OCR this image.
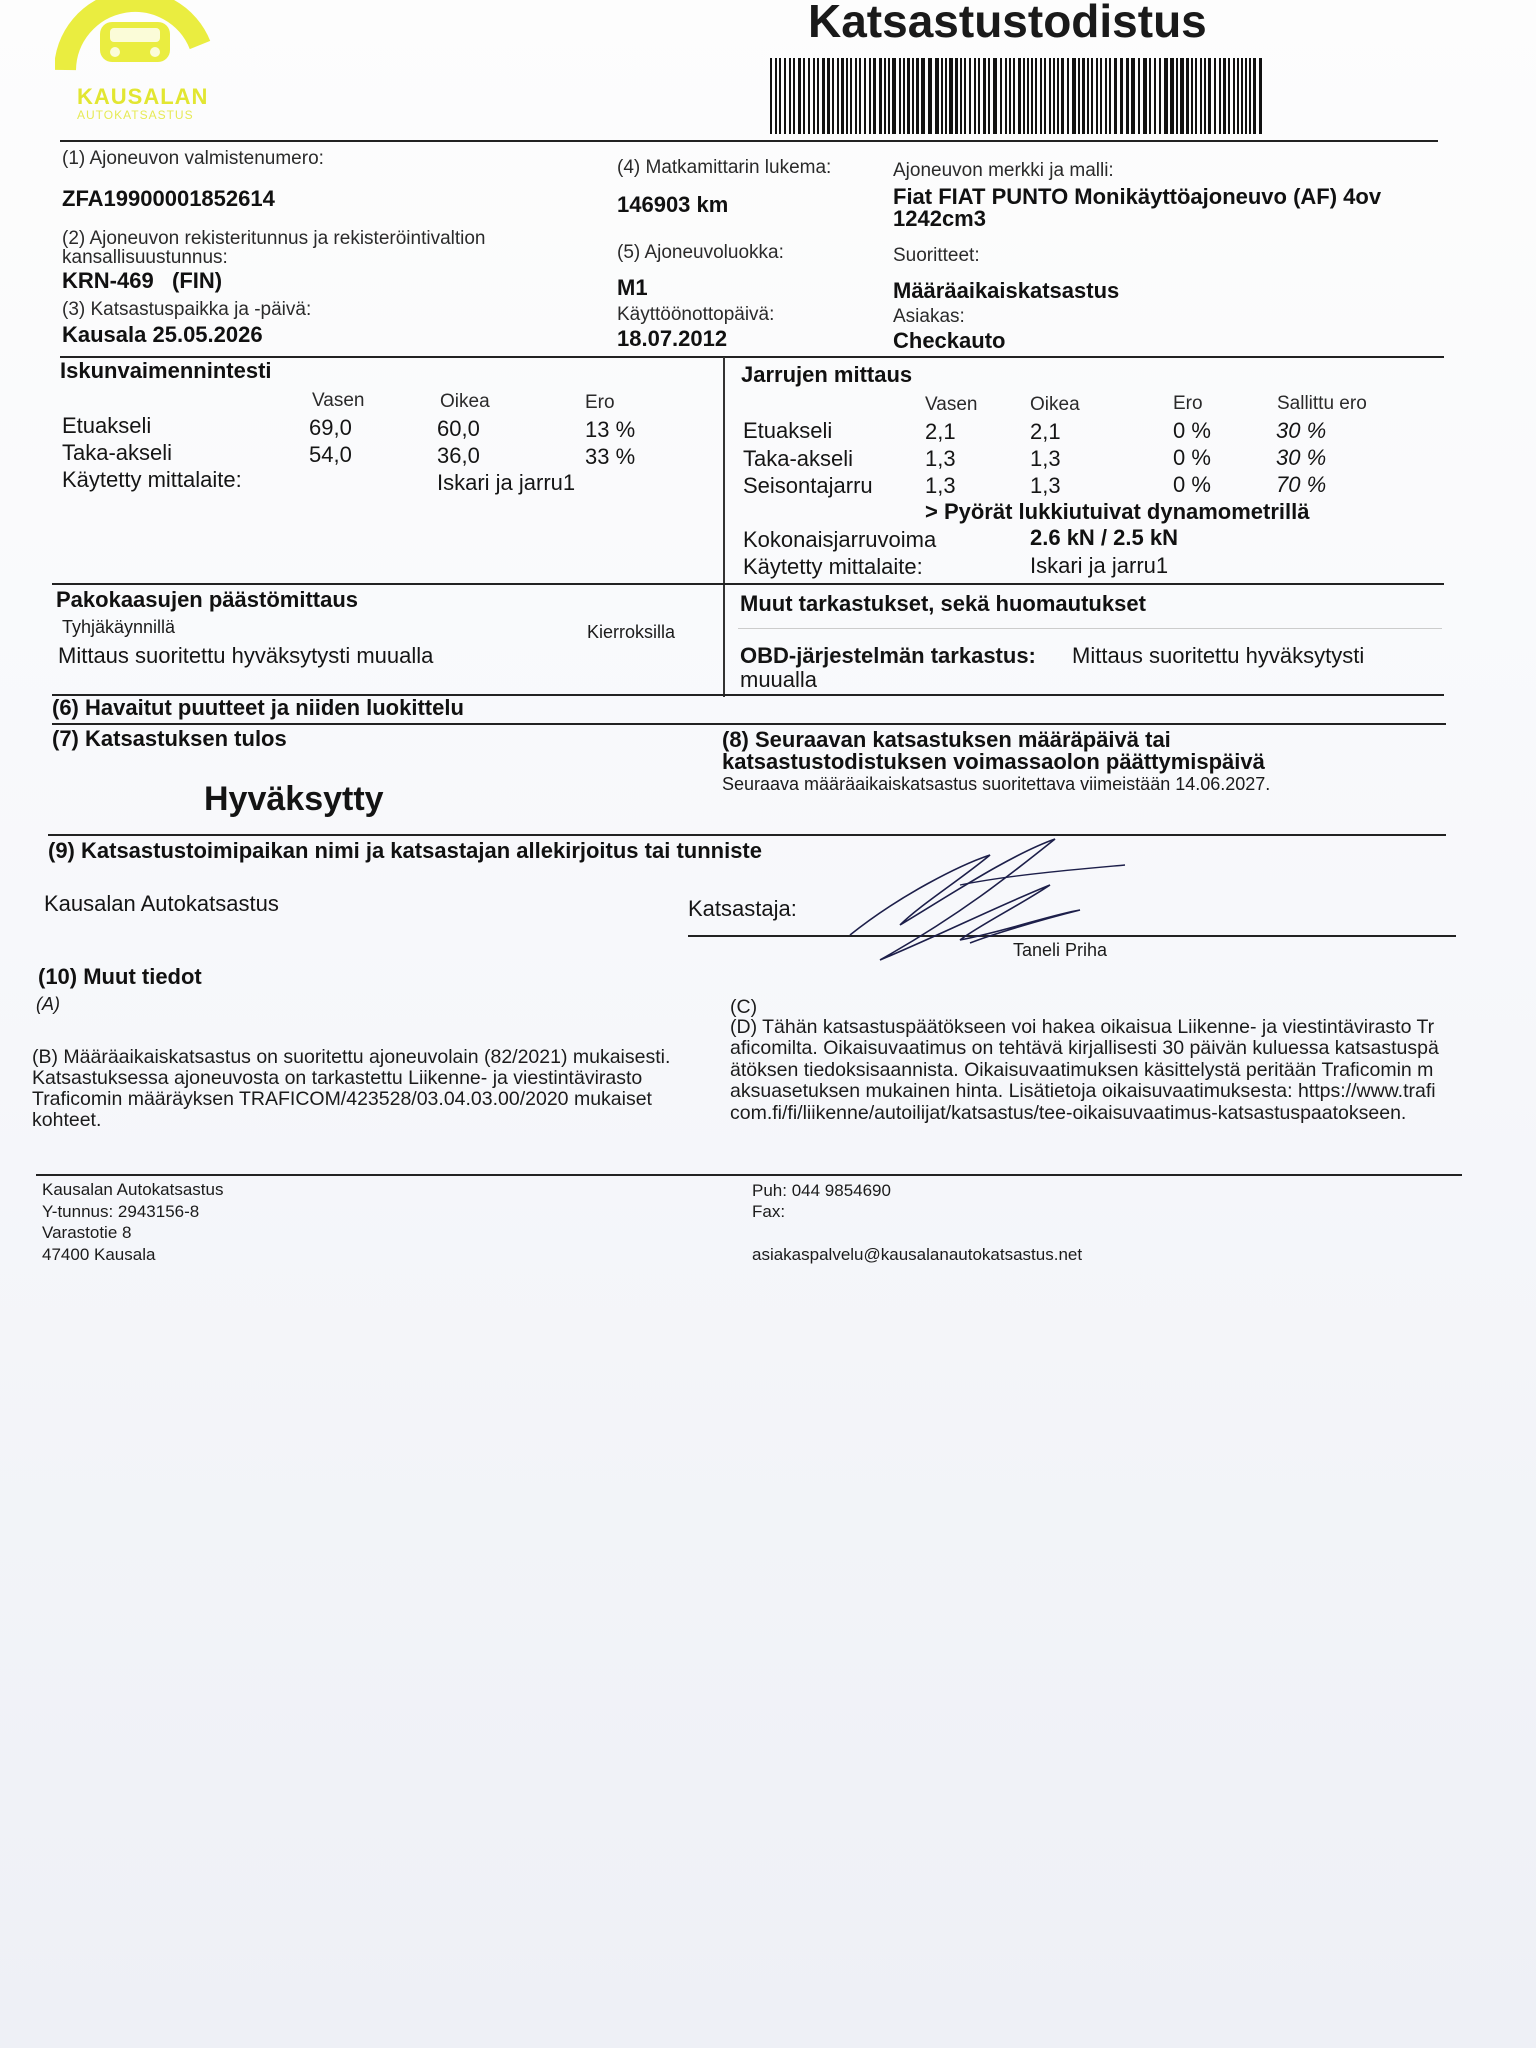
KAUSALAN
AUTOKATSASTUS
Katsastustodistus
(1) Ajoneuvon valmistenumero:
ZFA19900001852614
(2) Ajoneuvon rekisteritunnus ja rekisteröintivaltion
kansallisuustunnus:
KRN-469   (FIN)
(3) Katsastuspaikka ja -päivä:
Kausala 25.05.2026
(4) Matkamittarin lukema:
146903 km
(5) Ajoneuvoluokka:
M1
Käyttöönottopäivä:
18.07.2012
Ajoneuvon merkki ja malli:
Fiat FIAT PUNTO Monikäyttöajoneuvo (AF) 4ov
1242cm3
Suoritteet:
Määräaikaiskatsastus
Asiakas:
Checkauto
Iskunvaimennintesti
Vasen	Oikea	Ero
Etuakseli	69,0	60,0	13 %
Taka-akseli	54,0	36,0	33 %
Käytetty mittalaite:	Iskari ja jarru1
Jarrujen mittaus
Vasen	Oikea	Ero	Sallittu ero
Etuakseli	2,1	2,1	0 %	30 %
Taka-akseli	1,3	1,3	0 %	30 %
Seisontajarru 1,3	1,3	0 %	70 %
> Pyörät lukkiutuivat dynamometrillä
Kokonaisjarruvoima	2.6 kN / 2.5 kN
Käytetty mittalaite:	Iskari ja jarru1
Pakokaasujen päästömittaus
Tyhjäkäynnillä	Kierroksilla
Mittaus suoritettu hyväksytysti muualla
Muut tarkastukset, sekä huomautukset
OBD-järjestelmän tarkastus: Mittaus suoritettu hyväksytysti
muualla
(6) Havaitut puutteet ja niiden luokittelu
(7) Katsastuksen tulos
Hyväksytty
(8) Seuraavan katsastuksen määräpäivä tai
katsastustodistuksen voimassaolon päättymispäivä
Seuraava määräaikaiskatsastus suoritettava viimeistään 14.06.2027.
(9) Katsastustoimipaikan nimi ja katsastajan allekirjoitus tai tunniste
Kausalan Autokatsastus	Katsastaja:
Taneli Priha
(10) Muut tiedot
(A)
(B) Määräaikaiskatsastus on suoritettu ajoneuvolain (82/2021) mukaisesti. Katsastuksessa ajoneuvosta on tarkastettu Liikenne- ja viestintävirasto Traficomin määräyksen TRAFICOM/423528/03.04.03.00/2020 mukaiset kohteet.
(C)
(D) Tähän katsastuspäätökseen voi hakea oikaisua Liikenne- ja viestintävirasto Traficomilta. Oikaisuvaatimus on tehtävä kirjallisesti 30 päivän kuluessa katsastuspäätöksen tiedoksisaannista. Oikaisuvaatimuksen käsittelystä peritään Traficomin maksuasetuksen mukainen hinta. Lisätietoja oikaisuvaatimuksesta: https://www.traficom.fi/fi/liikenne/autoilijat/katsastus/tee-oikaisuvaatimus-katsastuspaatokseen.
Kausalan Autokatsastus
Y-tunnus: 2943156-8
Varastotie 8
47400 Kausala
Puh: 044 9854690
Fax:
asiakaspalvelu@kausalanautokatsastus.net
